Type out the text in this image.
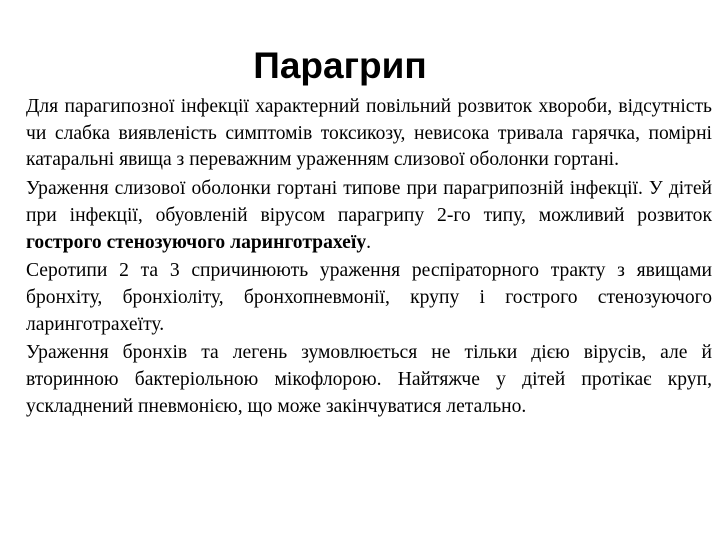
Парагрип

Для парагипозної інфекції характерний повільний розвиток хвороби, відсутність чи слабка виявленість симптомів токсикозу, невисока тривала гарячка, помірні катаральні явища з переважним ураженням слизової оболонки гортані.

Ураження слизової оболонки гортані типове при парагрипозній інфекції. У дітей при інфекції, обуовленій вірусом парагрипу 2-го типу, можливий розвиток гострого стенозуючого ларинготрахеїу.

Серотипи 2 та 3 спричинюють ураження респіраторного тракту з явищами бронхіту, бронхіоліту, бронхопневмонії, крупу і гострого стенозуючого ларинготрахеїту.

Ураження бронхів та легень зумовлюється не тільки дією вірусів, але й вторинною бактеріольною мікофлорою. Найтяжче у дітей протікає круп, ускладнений пневмонією, що може закінчуватися летально.
